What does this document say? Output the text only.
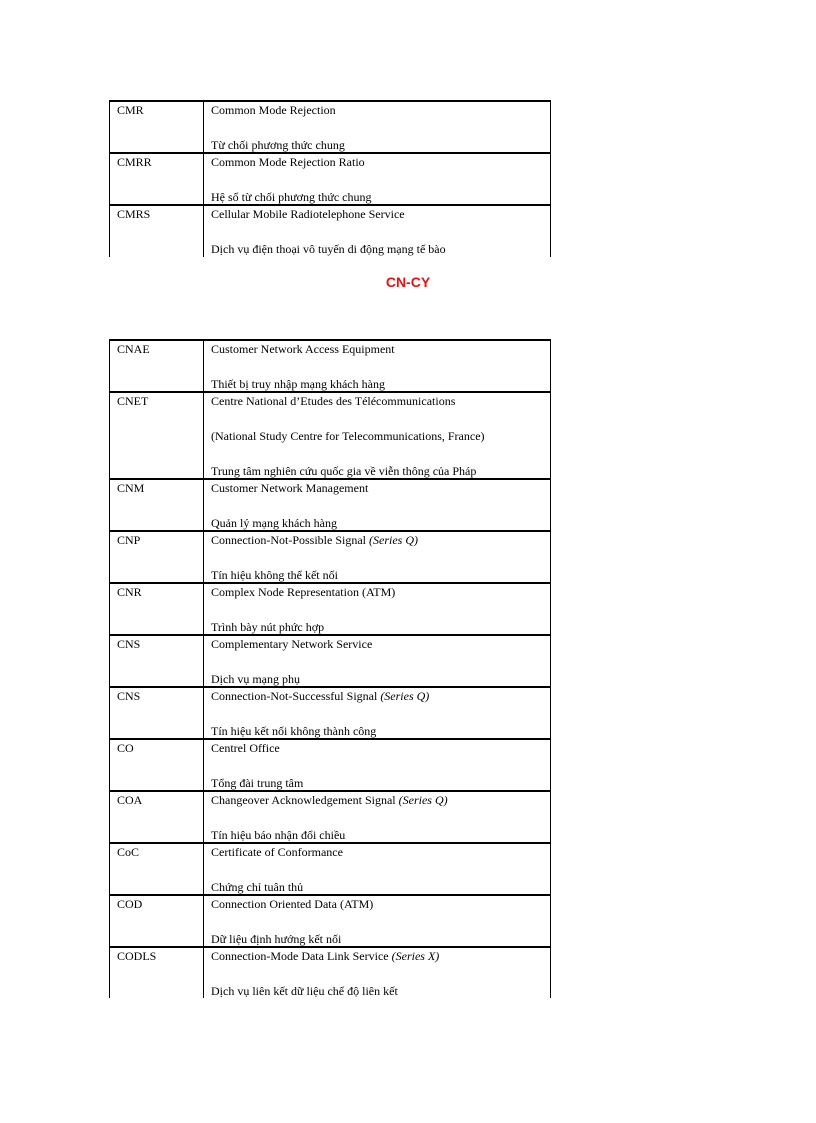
CMR	Common Mode Rejection
Từ chối phương thức chung

CMRR	Common Mode Rejection Ratio
Hệ số từ chối phương thức chung

CMRS	Cellular Mobile Radiotelephone Service
Dịch vụ điện thoại vô tuyến di động mạng tế bào
CN-CY
CNAE	Customer Network Access Equipment
Thiết bị truy nhập mạng khách hàng

CNET	Centre National d’Etudes des Télécommunications
(National Study Centre for Telecommunications, France)
Trung tâm nghiên cứu quốc gia về viễn thông của Pháp

CNM	Customer Network Management
Quản lý mạng khách hàng

CNP	Connection-Not-Possible Signal (Series Q)
Tín hiệu không thể kết nối

CNR	Complex Node Representation (ATM)
Trình bày nút phức hợp

CNS	Complementary Network Service
Dịch vụ mạng phụ

CNS	Connection-Not-Successful Signal (Series Q)
Tín hiệu kết nối không thành công

CO	Centrel Office
Tổng đài trung tâm

COA	Changeover Acknowledgement Signal (Series Q)
Tín hiệu báo nhận đổi chiều

CoC	Certificate of Conformance
Chứng chỉ tuân thủ

COD	Connection Oriented Data (ATM)
Dữ liệu định hướng kết nối

CODLS	Connection-Mode Data Link Service (Series X)
Dịch vụ liên kết dữ liệu chế độ liên kết
